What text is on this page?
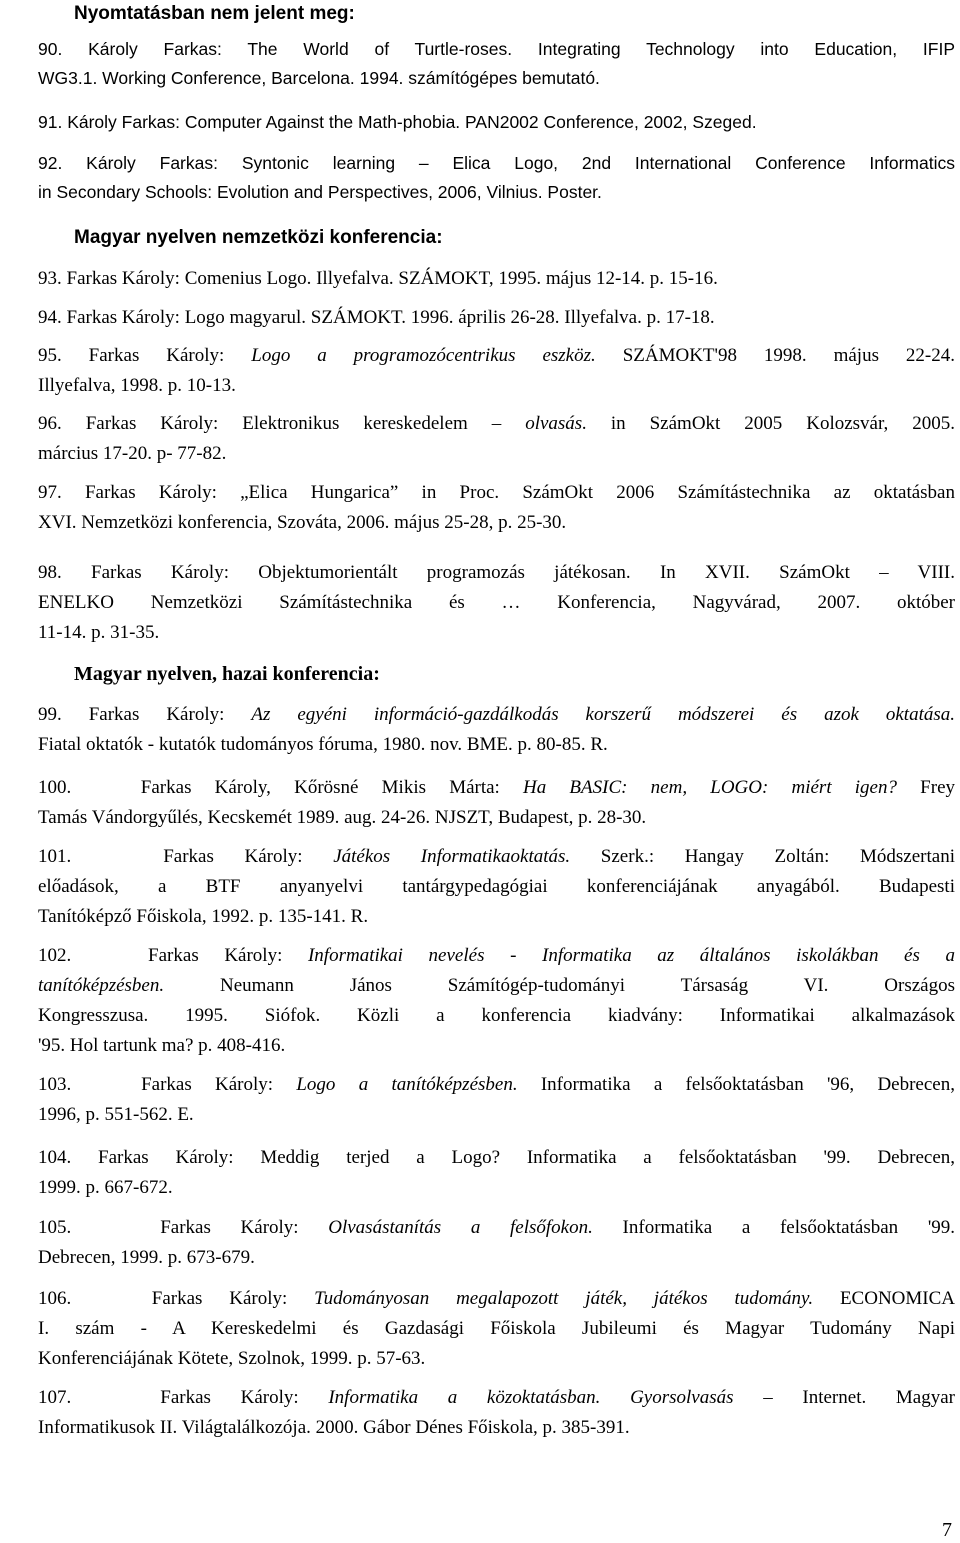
Nyomtatásban nem jelent meg:
90. Károly Farkas: The World of Turtle-roses. Integrating Technology into Education, IFIP
WG3.1. Working Conference, Barcelona. 1994. számítógépes bemutató.
91. Károly Farkas: Computer Against the Math-phobia. PAN2002 Conference, 2002, Szeged.
92. Károly Farkas: Syntonic learning – Elica Logo, 2nd International Conference Informatics
in Secondary Schools: Evolution and Perspectives, 2006, Vilnius. Poster.
Magyar nyelven nemzetközi konferencia:
93. Farkas Károly: Comenius Logo. Illyefalva. SZÁMOKT, 1995. május 12-14. p. 15-16.
94. Farkas Károly: Logo magyarul. SZÁMOKT. 1996. április 26-28. Illyefalva. p. 17-18.
95. Farkas Károly: Logo a programozócentrikus eszköz. SZÁMOKT'98 1998. május 22-24.
Illyefalva, 1998. p. 10-13.
96. Farkas Károly: Elektronikus kereskedelem – olvasás. in SzámOkt 2005 Kolozsvár, 2005.
március 17-20. p- 77-82.
97. Farkas Károly: „Elica Hungarica” in Proc. SzámOkt 2006 Számítástechnika az oktatásban
XVI. Nemzetközi konferencia, Szováta, 2006. május 25-28, p. 25-30.
98. Farkas Károly: Objektumorientált programozás játékosan. In XVII. SzámOkt – VIII.
ENELKO Nemzetközi Számítástechnika és … Konferencia, Nagyvárad, 2007. október
11-14. p. 31-35.
Magyar nyelven, hazai konferencia:
99. Farkas Károly: Az egyéni információ-gazdálkodás korszerű módszerei és azok oktatása.
Fiatal oktatók - kutatók tudományos fóruma, 1980. nov. BME. p. 80-85. R.
100.   Farkas Károly, Kőrösné Mikis Márta: Ha BASIC: nem, LOGO: miért igen? Frey
Tamás Vándorgyűlés, Kecskemét 1989. aug. 24-26. NJSZT, Budapest, p. 28-30.
101.   Farkas Károly: Játékos Informatikaoktatás. Szerk.: Hangay Zoltán: Módszertani
előadások, a BTF anyanyelvi tantárgypedagógiai konferenciájának anyagából. Budapesti
Tanítóképző Főiskola, 1992. p. 135-141. R.
102.   Farkas Károly: Informatikai nevelés - Informatika az általános iskolákban és a
tanítóképzésben. Neumann János Számítógép-tudományi Társaság VI. Országos
Kongresszusa. 1995. Siófok. Közli a konferencia kiadvány: Informatikai alkalmazások
'95. Hol tartunk ma? p. 408-416.
103.   Farkas Károly: Logo a tanítóképzésben. Informatika a felsőoktatásban '96, Debrecen,
1996, p. 551-562. E.
104. Farkas Károly: Meddig terjed a Logo? Informatika a felsőoktatásban '99. Debrecen,
1999. p. 667-672.
105.   Farkas Károly: Olvasástanítás a felsőfokon. Informatika a felsőoktatásban '99.
Debrecen, 1999. p. 673-679.
106.   Farkas Károly: Tudományosan megalapozott játék, játékos tudomány. ECONOMICA
I. szám - A Kereskedelmi és Gazdasági Főiskola Jubileumi és Magyar Tudomány Napi
Konferenciájának Kötete, Szolnok, 1999. p. 57-63.
107.   Farkas Károly: Informatika a közoktatásban. Gyorsolvasás – Internet. Magyar
Informatikusok II. Világtalálkozója. 2000. Gábor Dénes Főiskola, p. 385-391.
7
